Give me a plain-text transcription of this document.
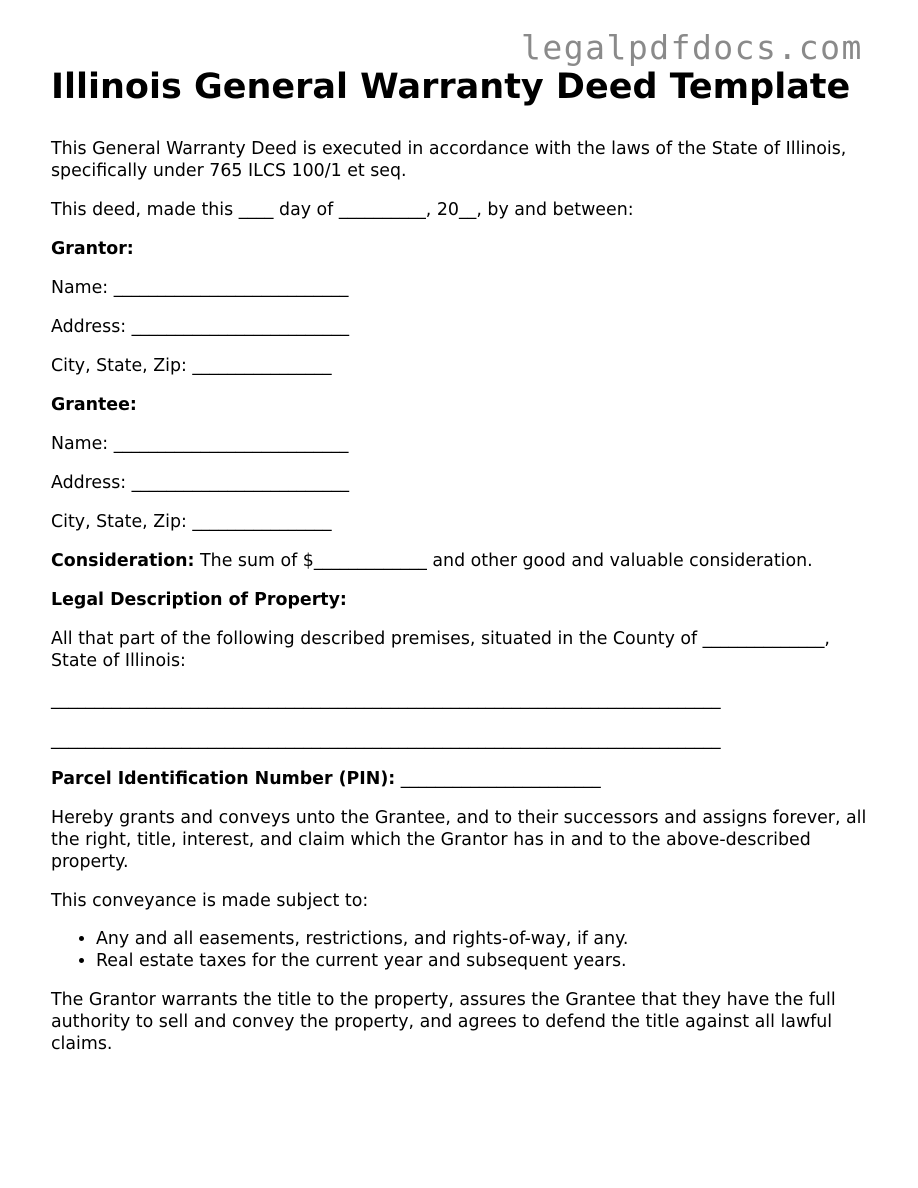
legalpdfdocs.com
Illinois General Warranty Deed Template

This General Warranty Deed is executed in accordance with the laws of the State of Illinois, specifically under 765 ILCS 100/1 et seq.

This deed, made this ____ day of __________, 20__, by and between:

Grantor:

Name: ___________________________

Address: _________________________

City, State, Zip: ________________

Grantee:

Name: ___________________________

Address: _________________________

City, State, Zip: ________________

Consideration: The sum of $_____________ and other good and valuable consideration.

Legal Description of Property:

All that part of the following described premises, situated in the County of ______________, State of Illinois:

_____________________________________________________________________________

_____________________________________________________________________________

Parcel Identification Number (PIN): _______________________

Hereby grants and conveys unto the Grantee, and to their successors and assigns forever, all the right, title, interest, and claim which the Grantor has in and to the above-described property.

This conveyance is made subject to:

• Any and all easements, restrictions, and rights-of-way, if any.
• Real estate taxes for the current year and subsequent years.

The Grantor warrants the title to the property, assures the Grantee that they have the full authority to sell and convey the property, and agrees to defend the title against all lawful claims.
